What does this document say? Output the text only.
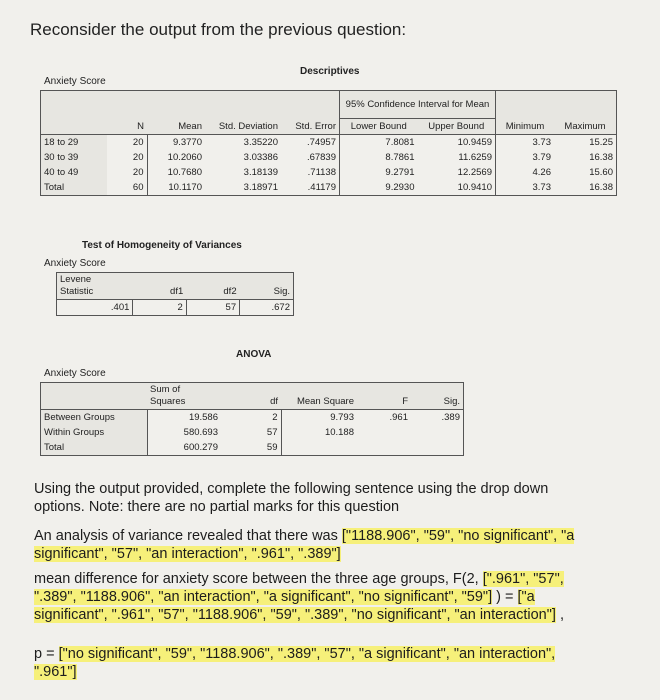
Reconsider the output from the previous question:
Descriptives
Anxiety Score
					95% Confidence Interval for Mean			

	N	Mean	Std. Deviation	Std. Error	Lower Bound	Upper Bound	Minimum	Maximum
18 to 29	20	9.3770	3.35220	.74957	7.8081	10.9459	3.73	15.25
30 to 39	20	10.2060	3.03386	.67839	8.7861	11.6259	3.79	16.38
40 to 49	20	10.7680	3.18139	.71138	9.2791	12.2569	4.26	15.60
Total	60	10.1170	3.18971	.41179	9.2930	10.9410	3.73	16.38
Test of Homogeneity of Variances
Anxiety Score
Levene
Statistic	df1	df2	Sig.
.401	2	57	.672
ANOVA
Anxiety Score

	Sum of
Squares	df	Mean Square	F	Sig.
Between Groups	19.586	2	9.793	.961	.389
Within Groups	580.693	57	10.188		
Total	600.279	59			
Using the output provided, complete the following sentence using the drop down
options. Note: there are no partial marks for this question
An analysis of variance revealed that there was ["1188.906", "59", "no significant", "a
significant", "57", "an interaction", ".961", ".389"]
mean difference for anxiety score between the three age groups, F(2, [".961", "57",
".389", "1188.906", "an interaction", "a significant", "no significant", "59"] ) = ["a
significant", ".961", "57", "1188.906", "59", ".389", "no significant", "an interaction"] ,
p = ["no significant", "59", "1188.906", ".389", "57", "a significant", "an interaction",
".961"]
